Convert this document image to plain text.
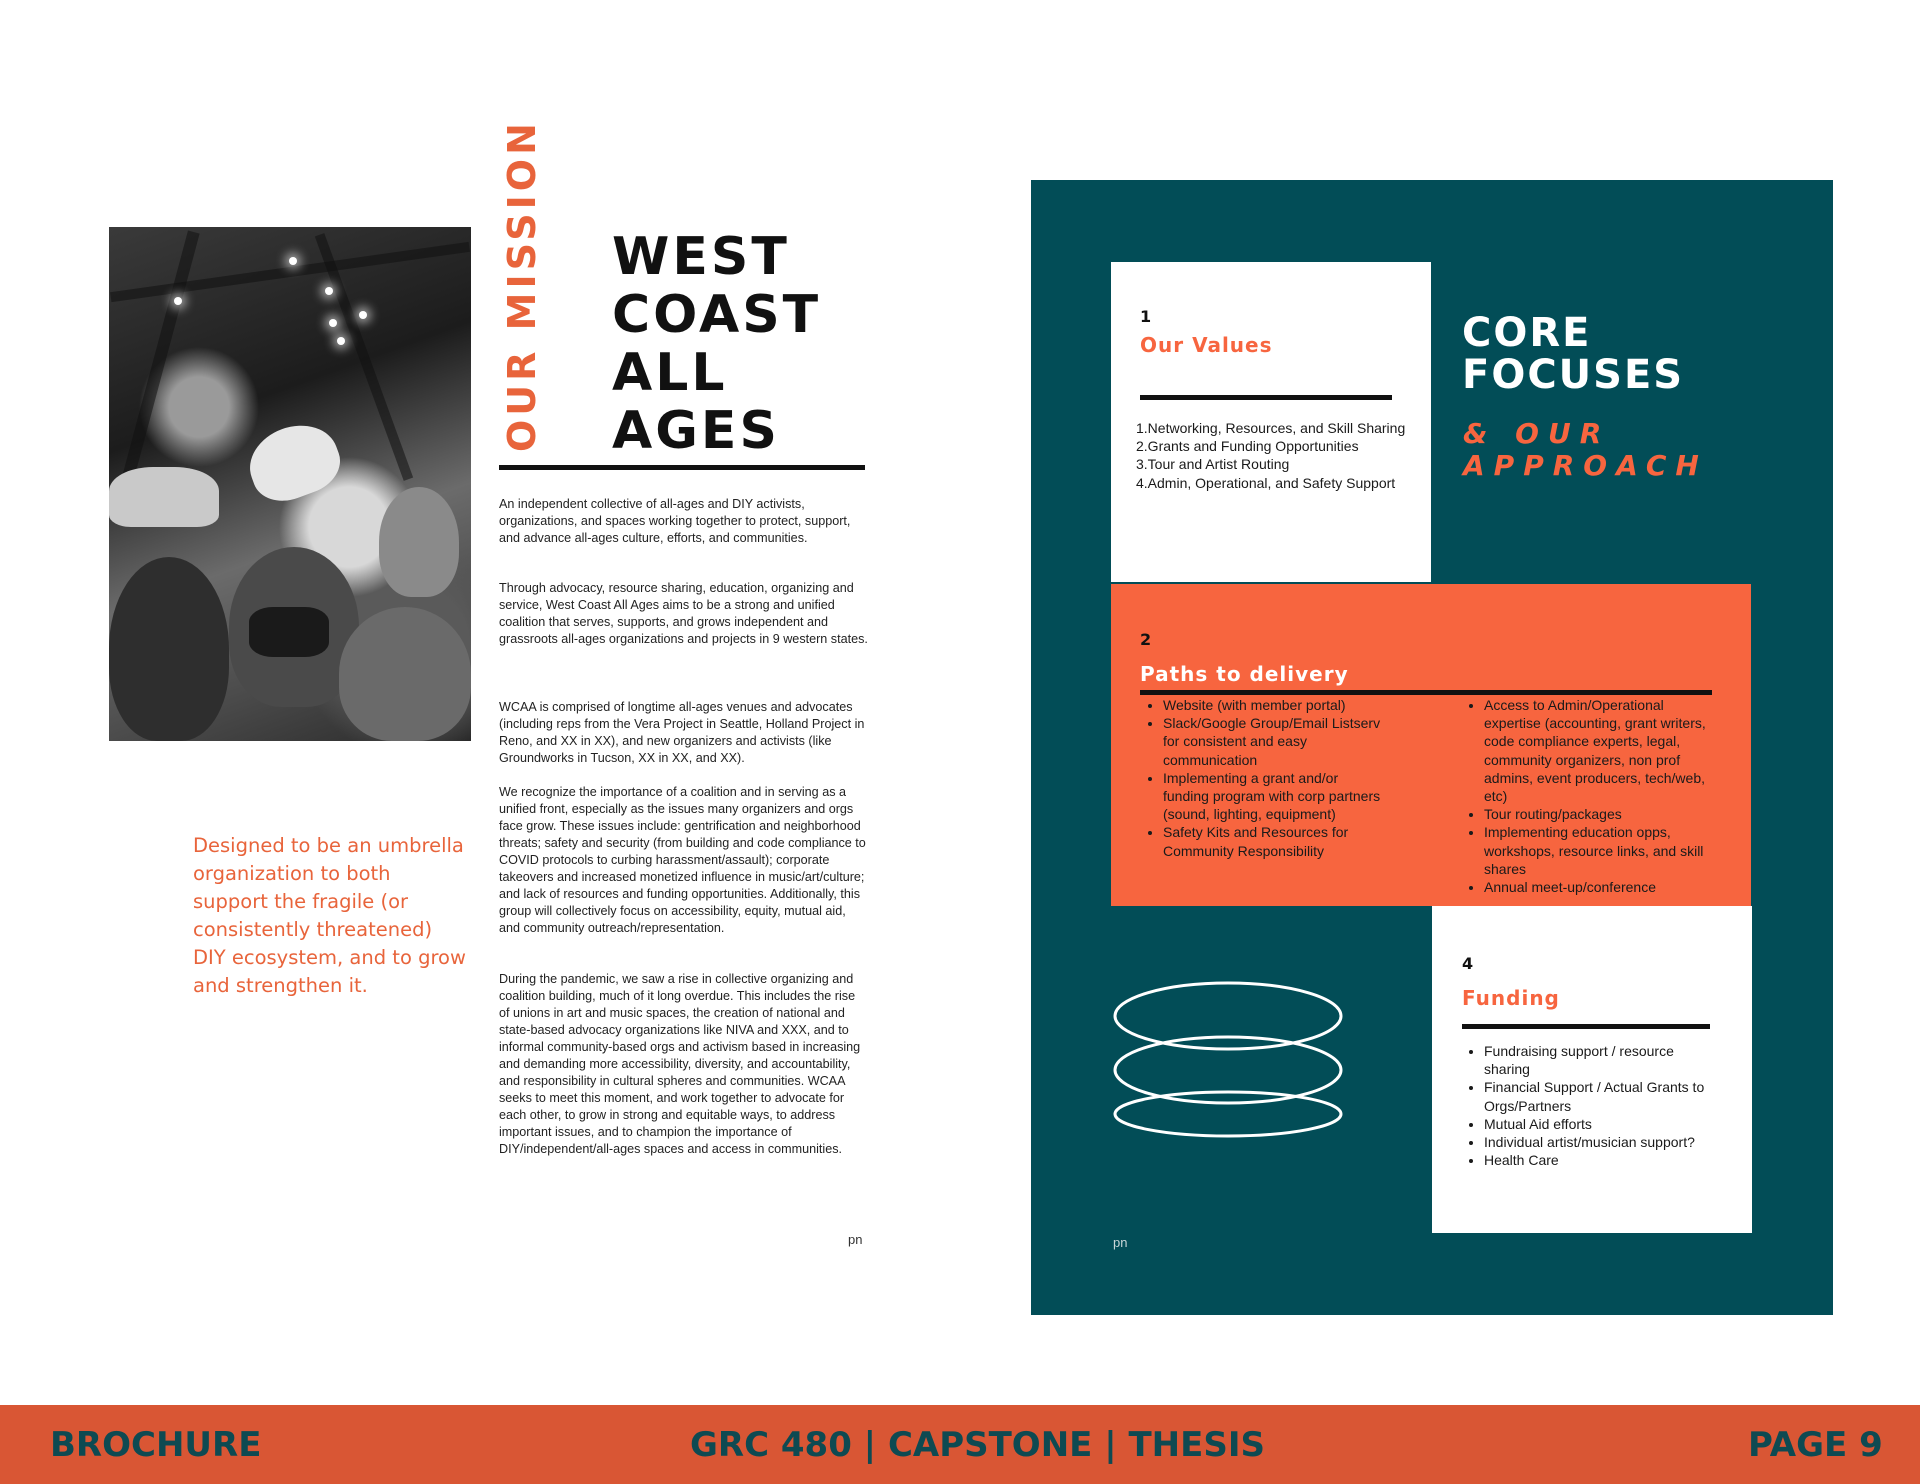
OUR MISSION WEST
COAST
ALL
AGES

An independent collective of all-ages and DIY activists, organizations, and spaces working together to protect, support, and advance all-ages culture, efforts, and communities.

Through advocacy, resource sharing, education, organizing and service, West Coast All Ages aims to be a strong and unified coalition that serves, supports, and grows independent and grassroots all-ages organizations and projects in 9 western states.

WCAA is comprised of longtime all-ages venues and advocates (including reps from the Vera Project in Seattle, Holland Project in Reno, and XX in XX), and new organizers and activists (like Groundworks in Tucson, XX in XX, and XX).

We recognize the importance of a coalition and in serving as a unified front, especially as the issues many organizers and orgs face grow. These issues include: gentrification and neighborhood threats; safety and security (from building and code compliance to COVID protocols to curbing harassment/assault); corporate takeovers and increased monetized influence in music/art/culture; and lack of resources and funding opportunities. Additionally, this group will collectively focus on accessibility, equity, mutual aid, and community outreach/representation.

During the pandemic, we saw a rise in collective organizing and coalition building, much of it long overdue. This includes the rise of unions in art and music spaces, the creation of national and state-based advocacy organizations like NIVA and XXX, and to informal community-based orgs and activism based in increasing and demanding more accessibility, diversity, and accountability, and responsibility in cultural spheres and communities. WCAA seeks to meet this moment, and work together to advocate for each other, to grow in strong and equitable ways, to address important issues, and to champion the importance of DIY/independent/all-ages spaces and access in communities.

Designed to be an umbrella organization to both support the fragile (or consistently threatened) DIY ecosystem, and to grow and strengthen it.

pn
1
Our Values
1.Networking, Resources, and Skill Sharing
2.Grants and Funding Opportunities
3.Tour and Artist Routing
4.Admin, Operational, and Safety Support
CORE
FOCUSES
& OUR
APPROACH
2
Paths to delivery
• Website (with member portal)
• Slack/Google Group/Email Listserv for consistent and easy communication
• Implementing a grant and/or funding program with corp partners (sound, lighting, equipment)
• Safety Kits and Resources for Community Responsibility
• Access to Admin/Operational expertise (accounting, grant writers, code compliance experts, legal, community organizers, non prof admins, event producers, tech/web, etc)
• Tour routing/packages
• Implementing education opps, workshops, resource links, and skill shares
• Annual meet-up/conference
4
Funding
• Fundraising support / resource sharing
• Financial Support / Actual Grants to Orgs/Partners
• Mutual Aid efforts
• Individual artist/musician support?
• Health Care
pn
BROCHURE	GRC 480 | CAPSTONE | THESIS	PAGE 9
